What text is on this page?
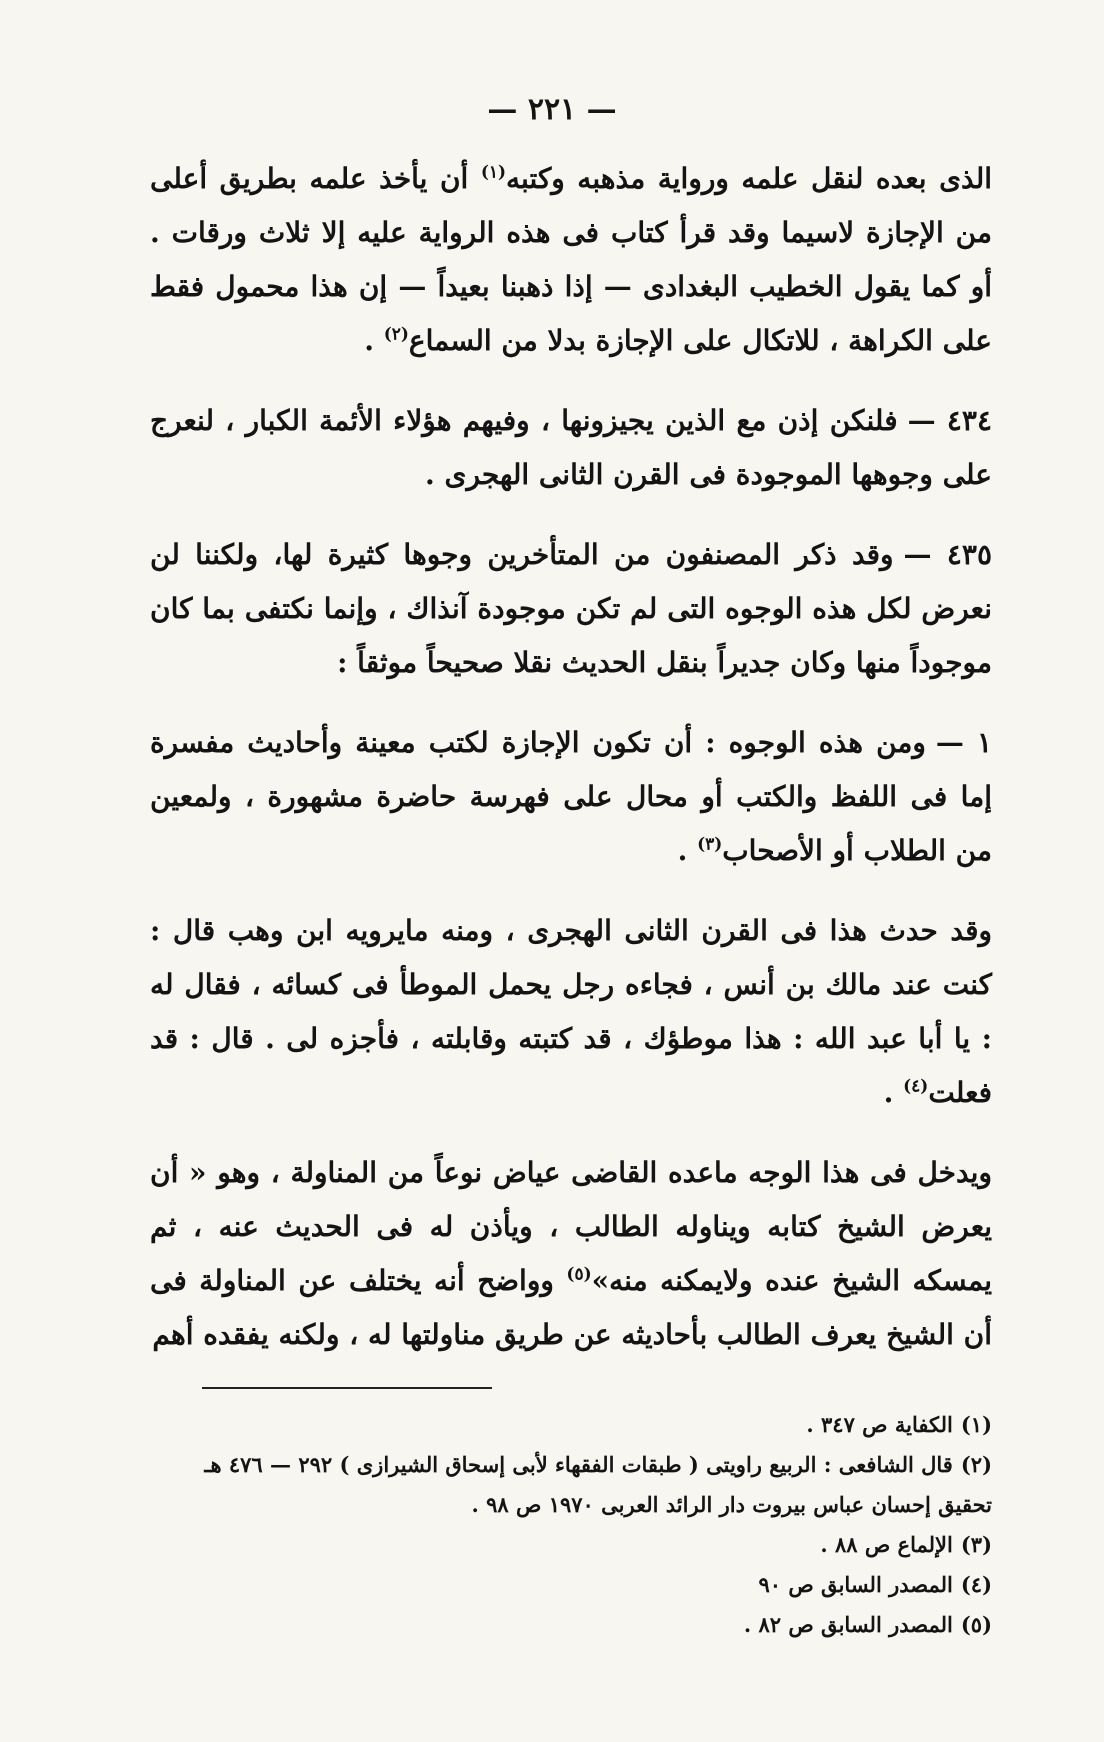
— ٢٢١ —

الذى بعده لنقل علمه ورواية مذهبه وكتبه$^{(١)}$ أن يأخذ علمه بطريق أعلى من الإجازة لاسيما وقد قرأ كتاب فى هذه الرواية عليه إلا ثلاث ورقات . أو كما يقول الخطيب البغدادى — إذا ذهبنا بعيداً — إن هذا محمول فقط على الكراهة ، للاتكال على الإجازة بدلا من السماع$^{(٢)}$ .

٤٣٤ —فلنكن إذن مع الذين يجيزونها ، وفيهم هؤلاء الأئمة الكبار ، لنعرج على وجوهها الموجودة فى القرن الثانى الهجرى .

٤٣٥ —وقد ذكر المصنفون من المتأخرين وجوها كثيرة لها، ولكننا لن نعرض لكل هذه الوجوه التى لم تكن موجودة آنذاك ، وإنما نكتفى بما كان موجوداً منها وكان جديراً بنقل الحديث نقلا صحيحاً موثقاً :

١ —ومن هذه الوجوه : أن تكون الإجازة لكتب معينة وأحاديث مفسرة إما فى اللفظ والكتب أو محال على فهرسة حاضرة مشهورة ، ولمعين من الطلاب أو الأصحاب$^{(٣)}$ .

وقد حدث هذا فى القرن الثانى الهجرى ، ومنه مايرويه ابن وهب قال : كنت عند مالك بن أنس ، فجاءه رجل يحمل الموطأ فى كسائه ، فقال له : يا أبا عبد الله : هذا موطؤك ، قد كتبته وقابلته ، فأجزه لى . قال : قد فعلت$^{(٤)}$ .

ويدخل فى هذا الوجه ماعده القاضى عياض نوعاً من المناولة ، وهو « أن يعرض الشيخ كتابه ويناوله الطالب ، ويأذن له فى الحديث عنه ، ثم يمسكه الشيخ عنده ولايمكنه منه»$^{(٥)}$ وواضح أنه يختلف عن المناولة فى أن الشيخ يعرف الطالب بأحاديثه عن طريق مناولتها له ، ولكنه يفقده أهم

(١)الكفاية ص ٣٤٧ .
(٢)قال الشافعى : الربيع راويتى ( طبقات الفقهاء لأبى إسحاق الشيرازى ) ٢٩٢ — ٤٧٦ هـ
تحقيق إحسان عباس بيروت دار الرائد العربى ١٩٧٠ ص ٩٨ .
(٣)الإلماع ص ٨٨ .
(٤)المصدر السابق ص ٩٠
(٥)المصدر السابق ص ٨٢ .
